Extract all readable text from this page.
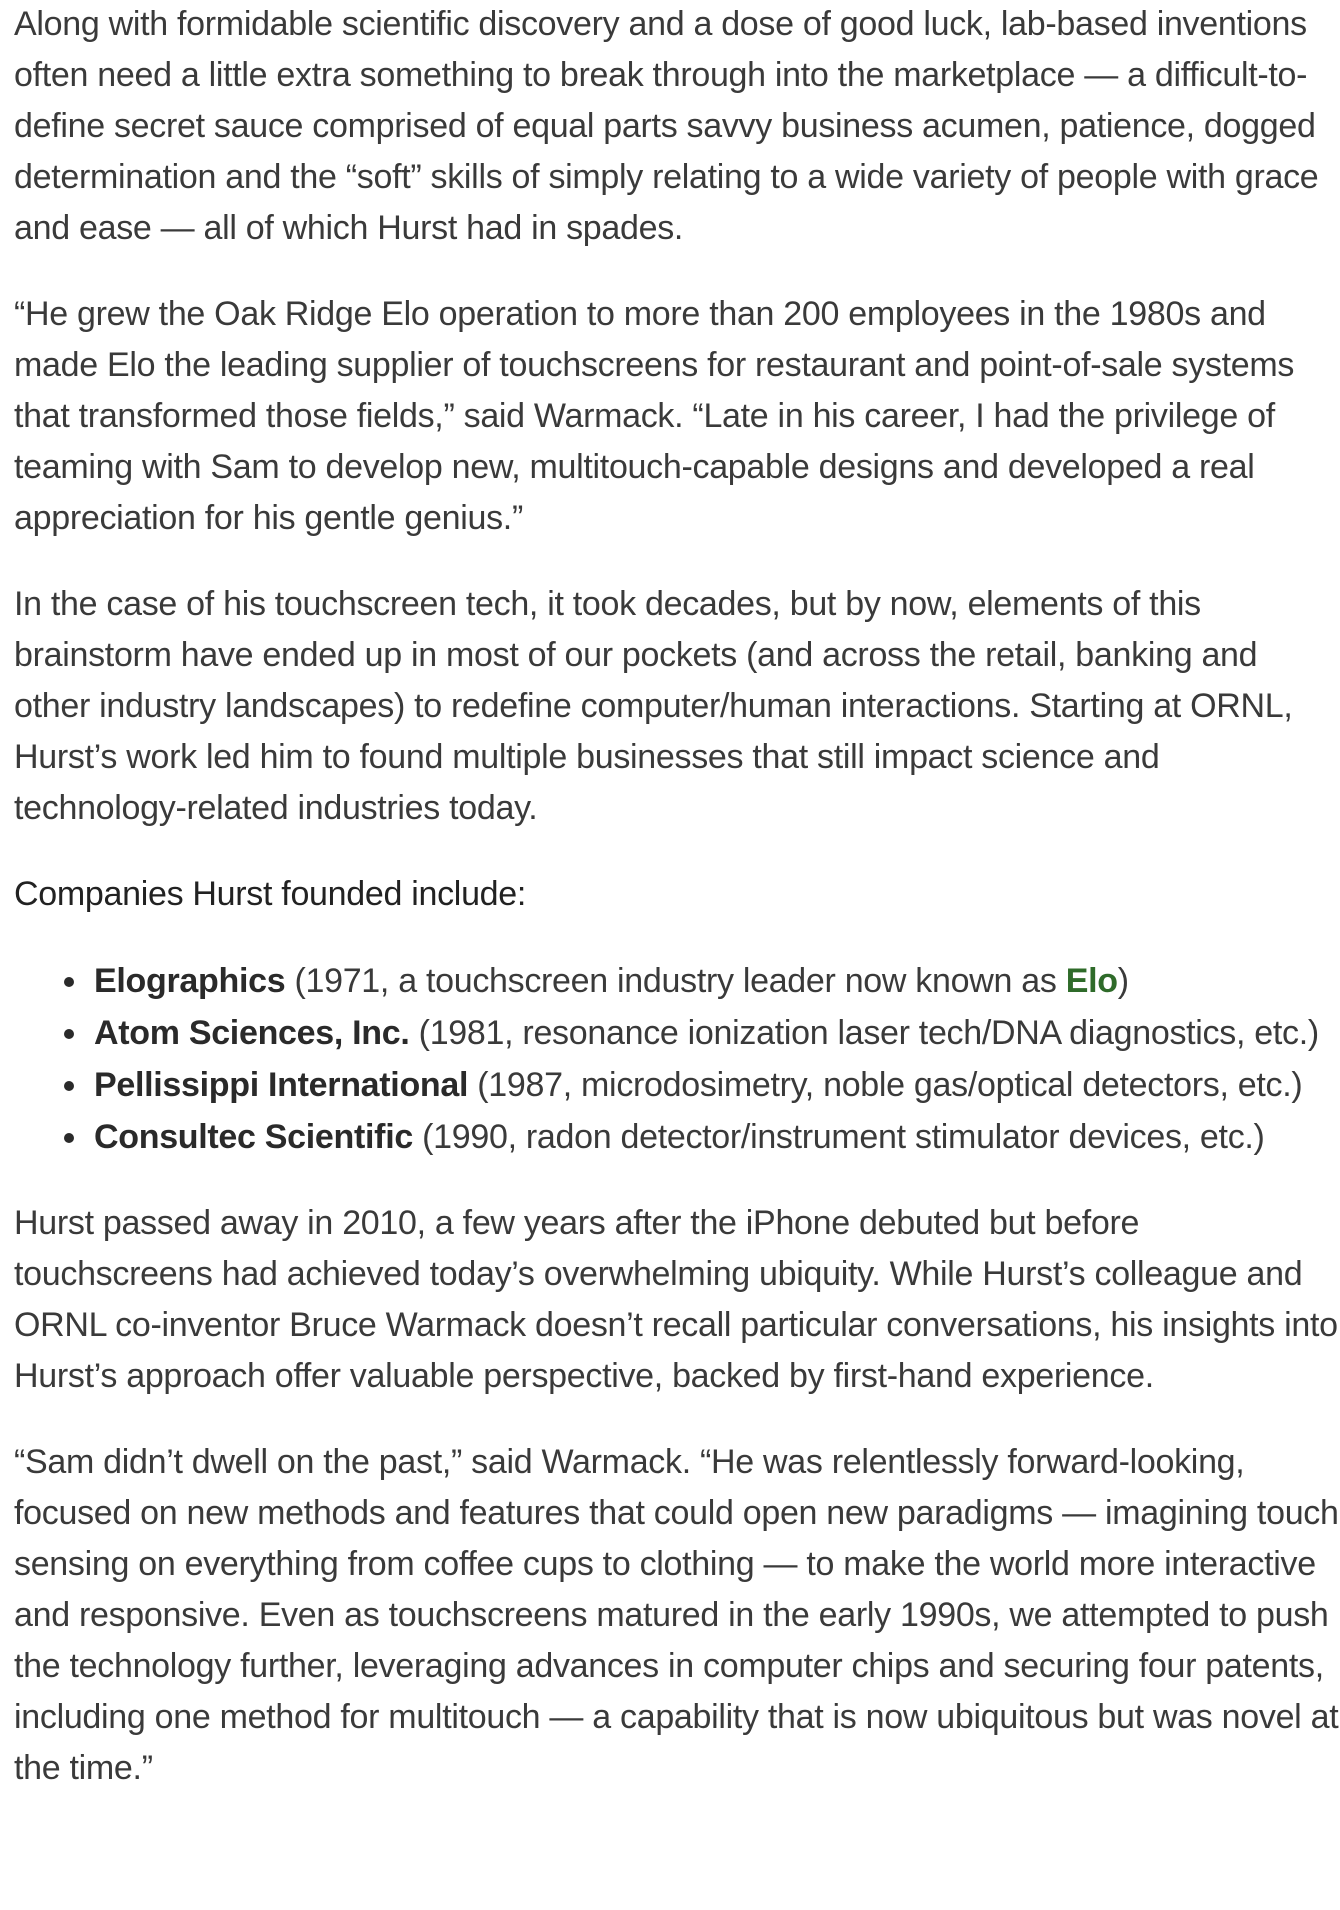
Along with formidable scientific discovery and a dose of good luck, lab-based inventions often need a little extra something to break through into the marketplace — a difficult-to-define secret sauce comprised of equal parts savvy business acumen, patience, dogged determination and the “soft” skills of simply relating to a wide variety of people with grace and ease — all of which Hurst had in spades.

“He grew the Oak Ridge Elo operation to more than 200 employees in the 1980s and made Elo the leading supplier of touchscreens for restaurant and point-of-sale systems that transformed those fields,” said Warmack. “Late in his career, I had the privilege of teaming with Sam to develop new, multitouch-capable designs and developed a real appreciation for his gentle genius.”

In the case of his touchscreen tech, it took decades, but by now, elements of this brainstorm have ended up in most of our pockets (and across the retail, banking and other industry landscapes) to redefine computer/human interactions. Starting at ORNL, Hurst’s work led him to found multiple businesses that still impact science and technology-related industries today.

Companies Hurst founded include:

Elographics (1971, a touchscreen industry leader now known as Elo)
Atom Sciences, Inc. (1981, resonance ionization laser tech/DNA diagnostics, etc.)
Pellissippi International (1987, microdosimetry, noble gas/optical detectors, etc.)
Consultec Scientific (1990, radon detector/instrument stimulator devices, etc.)

Hurst passed away in 2010, a few years after the iPhone debuted but before touchscreens had achieved today’s overwhelming ubiquity. While Hurst’s colleague and ORNL co-inventor Bruce Warmack doesn’t recall particular conversations, his insights into Hurst’s approach offer valuable perspective, backed by first-hand experience.

“Sam didn’t dwell on the past,” said Warmack. “He was relentlessly forward-looking, focused on new methods and features that could open new paradigms — imagining touch sensing on everything from coffee cups to clothing — to make the world more interactive and responsive. Even as touchscreens matured in the early 1990s, we attempted to push the technology further, leveraging advances in computer chips and securing four patents, including one method for multitouch — a capability that is now ubiquitous but was novel at the time.”
